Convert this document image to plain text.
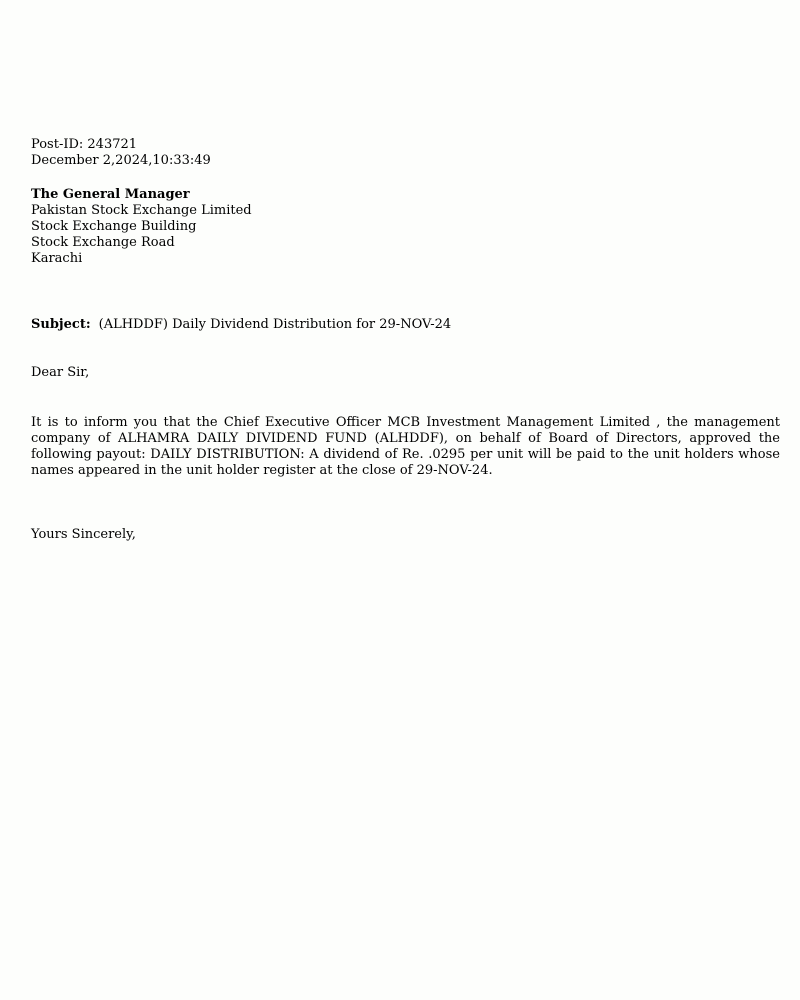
Post-ID: 243721
December 2,2024,10:33:49
The General Manager
Pakistan Stock Exchange Limited
Stock Exchange Building
Stock Exchange Road
Karachi
Subject: (ALHDDF) Daily Dividend Distribution for 29-NOV-24
Dear Sir,
It is to inform you that the Chief Executive Officer MCB Investment Management Limited , the management company of ALHAMRA DAILY DIVIDEND FUND (ALHDDF), on behalf of Board of Directors, approved the following payout: DAILY DISTRIBUTION: A dividend of Re. .0295 per unit will be paid to the unit holders whose names appeared in the unit holder register at the close of 29-NOV-24.
Yours Sincerely,
